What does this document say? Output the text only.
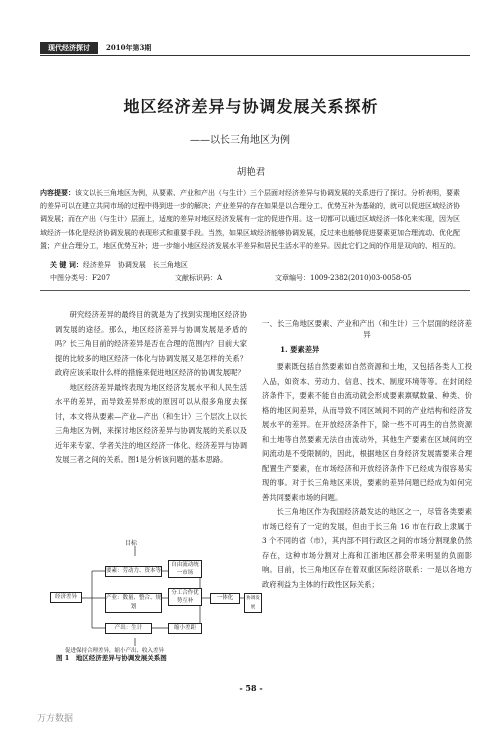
现代经济探讨	2010年第3期
地区经济差异与协调发展关系探析
——以长三角地区为例
胡艳君
内容提要：该文以长三角地区为例，从要素、产业和产出（与生计）三个层面对经济差异与协调发展的关系进行了探讨。分析表明，要素的差异可以在建立共同市场的过程中得到进一步的解决；产业差异的存在如果是以合理分工、优势互补为基础的，就可以促进区域经济协调发展；而在产出（与生计）层面上，适度的差异对地区经济发展有一定的促进作用。这一切都可以通过区域经济一体化来实现，因为区域经济一体化是经济协调发展的表现形式和重要手段。当然，如果区域经济能够协调发展，反过来也能够促进要素更加合理流动、优化配置；产业合理分工，地区优势互补；进一步缩小地区经济发展水平差异和居民生活水平的差异。因此它们之间的作用是双向的、相互的。
关 键 词：经济差异　协调发展　长三角地区
中图分类号：F207	文献标识码：A	文章编号：1009-2382(2010)03-0058-05

研究经济差异的最终目的就是为了找到实现地区经济协调发展的途径。那么，地区经济差异与协调发展是矛盾的吗？长三角目前的经济差异是否在合理的范围内？目前大家提的比较多的地区经济一体化与协调发展又是怎样的关系？政府应该采取什么样的措施来促进地区经济的协调发展呢？

地区经济差异最终表现为地区经济发展水平和人民生活水平的差异，而导致差异形成的原因可以从很多角度去探讨，本文将从要素—产业—产出（和生计）三个层次上以长三角地区为例，来探讨地区经济差异与协调发展的关系以及近年来专家、学者关注的地区经济一体化、经济差异与协调发展三者之间的关系。图1是分析该问题的基本思路。

一、长三角地区要素、产业和产出（和生计）三个层面的经济差异
1. 要素差异

要素既包括自然要素如自然资源和土地，又包括各类人工投入品，如资本、劳动力、信息、技术、制度环境等等。在封闭经济条件下，要素不能自由流动就会形成要素禀赋数量、种类、价格的地区间差异，从而导致不同区域间不同的产业结构和经济发展水平的差异。在开放经济条件下，除一些不可再生的自然资源和土地等自然要素无法自由流动外，其他生产要素在区域间的空间流动是不受限制的，因此，根据地区自身经济发展需要来合理配置生产要素，在市场经济和开放经济条件下已经成为很容易实现的事。对于长三角地区来说，要素的差异问题已经成为如何完善共同要素市场的问题。

长三角地区作为我国经济最发达的地区之一，尽管各类要素市场已经有了一定的发展，但由于长三角 16 市在行政上隶属于 3 个不同的省（市），其内部不同行政区之间的市场分割现象仍然存在，这种市场分割对上海和江浙地区都会带来明显的负面影响。目前，长三角地区存在着双重区际经济联系：一是以各地方政府利益为主体的行政性区际关系；

目标
经济差异
要素：劳动力、资本等
自由流动统一市场
产业：数量、整合、规划
分工合作优势互补	一体化	协调发展
产出：生计	缩小差距
促进保持合理差异，缩小产出、收入差异
图 1　地区经济差异与协调发展关系图
- 58 -
万方数据
